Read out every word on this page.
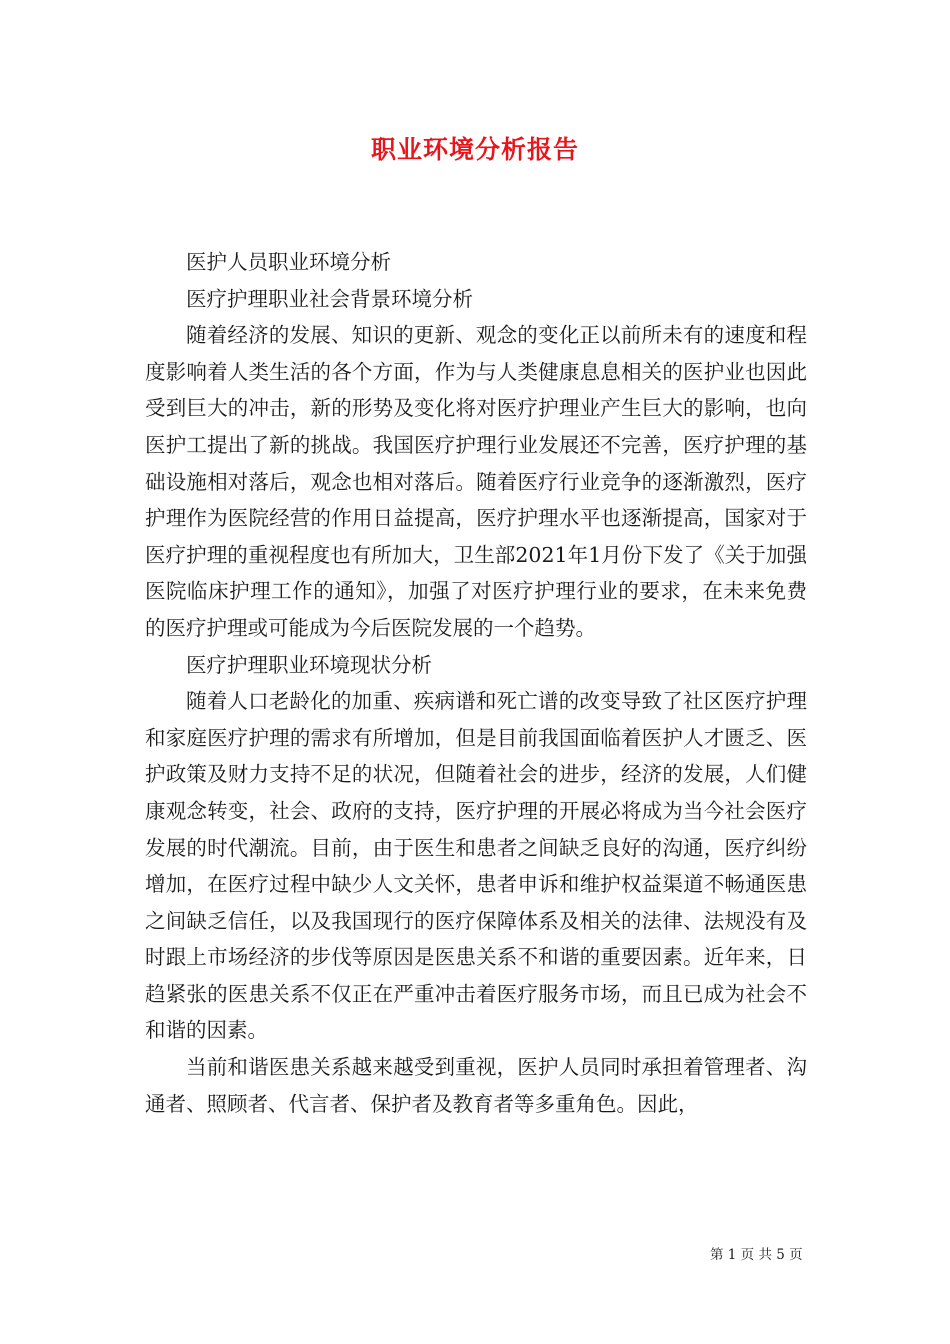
职业环境分析报告

医护人员职业环境分析

医疗护理职业社会背景环境分析

随着经济的发展、知识的更新、观念的变化正以前所未有的速度和程度影响着人类生活的各个方面，作为与人类健康息息相关的医护业也因此受到巨大的冲击，新的形势及变化将对医疗护理业产生巨大的影响，也向医护工提出了新的挑战。我国医疗护理行业发展还不完善，医疗护理的基础设施相对落后，观念也相对落后。随着医疗行业竞争的逐渐激烈，医疗护理作为医院经营的作用日益提高，医疗护理水平也逐渐提高，国家对于医疗护理的重视程度也有所加大，卫生部2021年1月份下发了《关于加强医院临床护理工作的通知》，加强了对医疗护理行业的要求，在未来免费的医疗护理或可能成为今后医院发展的一个趋势。

医疗护理职业环境现状分析

随着人口老龄化的加重、疾病谱和死亡谱的改变导致了社区医疗护理和家庭医疗护理的需求有所增加，但是目前我国面临着医护人才匮乏、医护政策及财力支持不足的状况，但随着社会的进步，经济的发展，人们健康观念转变，社会、政府的支持，医疗护理的开展必将成为当今社会医疗发展的时代潮流。目前，由于医生和患者之间缺乏良好的沟通，医疗纠纷增加，在医疗过程中缺少人文关怀，患者申诉和维护权益渠道不畅通医患之间缺乏信任，以及我国现行的医疗保障体系及相关的法律、法规没有及时跟上市场经济的步伐等原因是医患关系不和谐的重要因素。近年来，日趋紧张的医患关系不仅正在严重冲击着医疗服务市场，而且已成为社会不和谐的因素。

当前和谐医患关系越来越受到重视，医护人员同时承担着管理者、沟通者、照顾者、代言者、保护者及教育者等多重角色。因此，

第 1 页 共 5 页
